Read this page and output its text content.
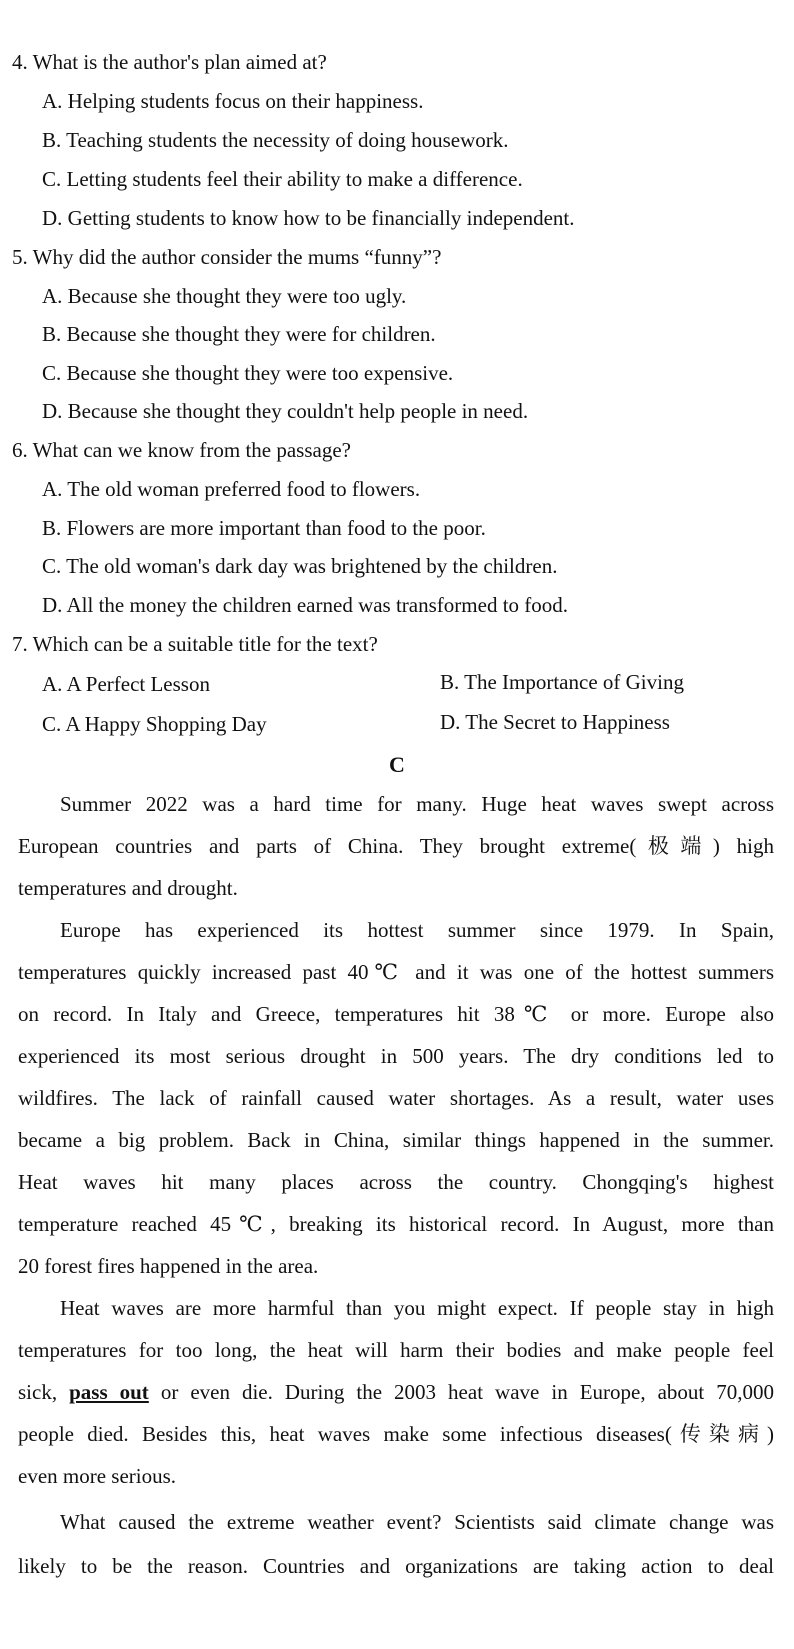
4. What is the author's plan aimed at?
A. Helping students focus on their happiness.
B. Teaching students the necessity of doing housework.
C. Letting students feel their ability to make a difference.
D. Getting students to know how to be financially independent.
5. Why did the author consider the mums “funny”?
A. Because she thought they were too ugly.
B. Because she thought they were for children.
C. Because she thought they were too expensive.
D. Because she thought they couldn't help people in need.
6. What can we know from the passage?
A. The old woman preferred food to flowers.
B. Flowers are more important than food to the poor.
C. The old woman's dark day was brightened by the children.
D. All the money the children earned was transformed to food.
7. Which can be a suitable title for the text?
A. A Perfect Lesson	B. The Importance of Giving
C. A Happy Shopping Day	D. The Secret to Happiness
C
Summer 2022 was a hard time for many. Huge heat waves swept across
European countries and parts of China. They brought extreme(极端) high
temperatures and drought.
Europe has experienced its hottest summer since 1979. In Spain,
temperatures quickly increased past 40℃ and it was one of the hottest summers
on record. In Italy and Greece, temperatures hit 38℃ or more. Europe also
experienced its most serious drought in 500 years. The dry conditions led to
wildfires. The lack of rainfall caused water shortages. As a result, water uses
became a big problem. Back in China, similar things happened in the summer.
Heat waves hit many places across the country. Chongqing's highest
temperature reached 45℃, breaking its historical record. In August, more than
20 forest fires happened in the area.
Heat waves are more harmful than you might expect. If people stay in high
temperatures for too long, the heat will harm their bodies and make people feel
sick, pass out or even die. During the 2003 heat wave in Europe, about 70,000
people died. Besides this, heat waves make some infectious diseases(传染病)
even more serious.
What caused the extreme weather event? Scientists said climate change was
likely to be the reason. Countries and organizations are taking action to deal
